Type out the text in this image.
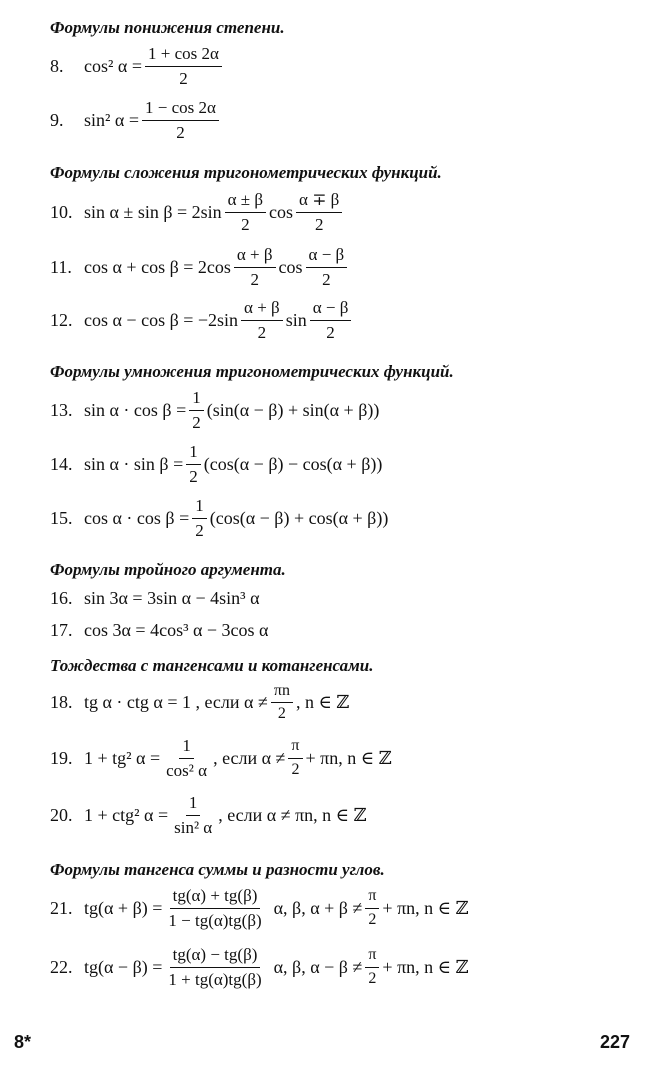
Формулы понижения степени.
8.	cos² $\alpha = \frac{1 + \cos 2\alpha}{2}$
9.	sin² $\alpha = \frac{1 - \cos 2\alpha}{2}$
Формулы сложения тригонометрических функций.
10. $\sin \alpha \pm \sin \beta = 2\sin \frac{\alpha \pm \beta}{2}$ $\cos \frac{\alpha \mp \beta}{2}$
11. $\cos \alpha + \cos \beta = 2\cos \frac{\alpha + \beta}{2}$ $\cos \frac{\alpha - \beta}{2}$
12. $\cos \alpha - \cos \beta = -2\sin \frac{\alpha + \beta}{2}$ $\sin \frac{\alpha - \beta}{2}$
Формулы умножения тригонометрических функций.
13. $\sin \alpha \cdot \cos \beta = \frac{1}{2} (\sin(\alpha - \beta) + \sin(\alpha + \beta))$
14. $\sin \alpha \cdot \sin \beta = \frac{1}{2} (\cos(\alpha - \beta) - \cos(\alpha + \beta))$
15. $\cos \alpha \cdot \cos \beta = \frac{1}{2} (\cos(\alpha - \beta) + \cos(\alpha + \beta))$
Формулы тройного аргумента.
16. sin 3α = 3sin α − 4sin³ α
17. cos 3α = 4cos³ α − 3cos α
Тождества с тангенсами и котангенсами.
18. tg α · ctg α = 1 , если $\alpha \ne \frac{\pi n}{2}$ , n ∈ ℤ
19. 1 + tg² $\alpha = \frac{1}{\text{cos² α}}$ , если $\alpha \ne \frac{\pi}{2} + \pi n$, n ∈ ℤ
20. 1 + ctg² $\alpha = \frac{1}{\text{sin² α}}$ , если α ≠ πn, n ∈ ℤ
Формулы тангенса суммы и разности углов.
21. $tg(\alpha + \beta) = \frac{tg(\alpha) + tg(\beta)}{1 - tg(\alpha)tg(\beta)} \alpha$, β, $\alpha + \beta \ne \frac{\pi}{2} + \pi n$, n ∈ ℤ
22. $tg(\alpha - \beta) = \frac{tg(\alpha) - tg(\beta)}{1 + tg(\alpha)tg(\beta)} \alpha$, β, $\alpha - \beta \ne \frac{\pi}{2} + \pi n$, n ∈ ℤ
8*	227
